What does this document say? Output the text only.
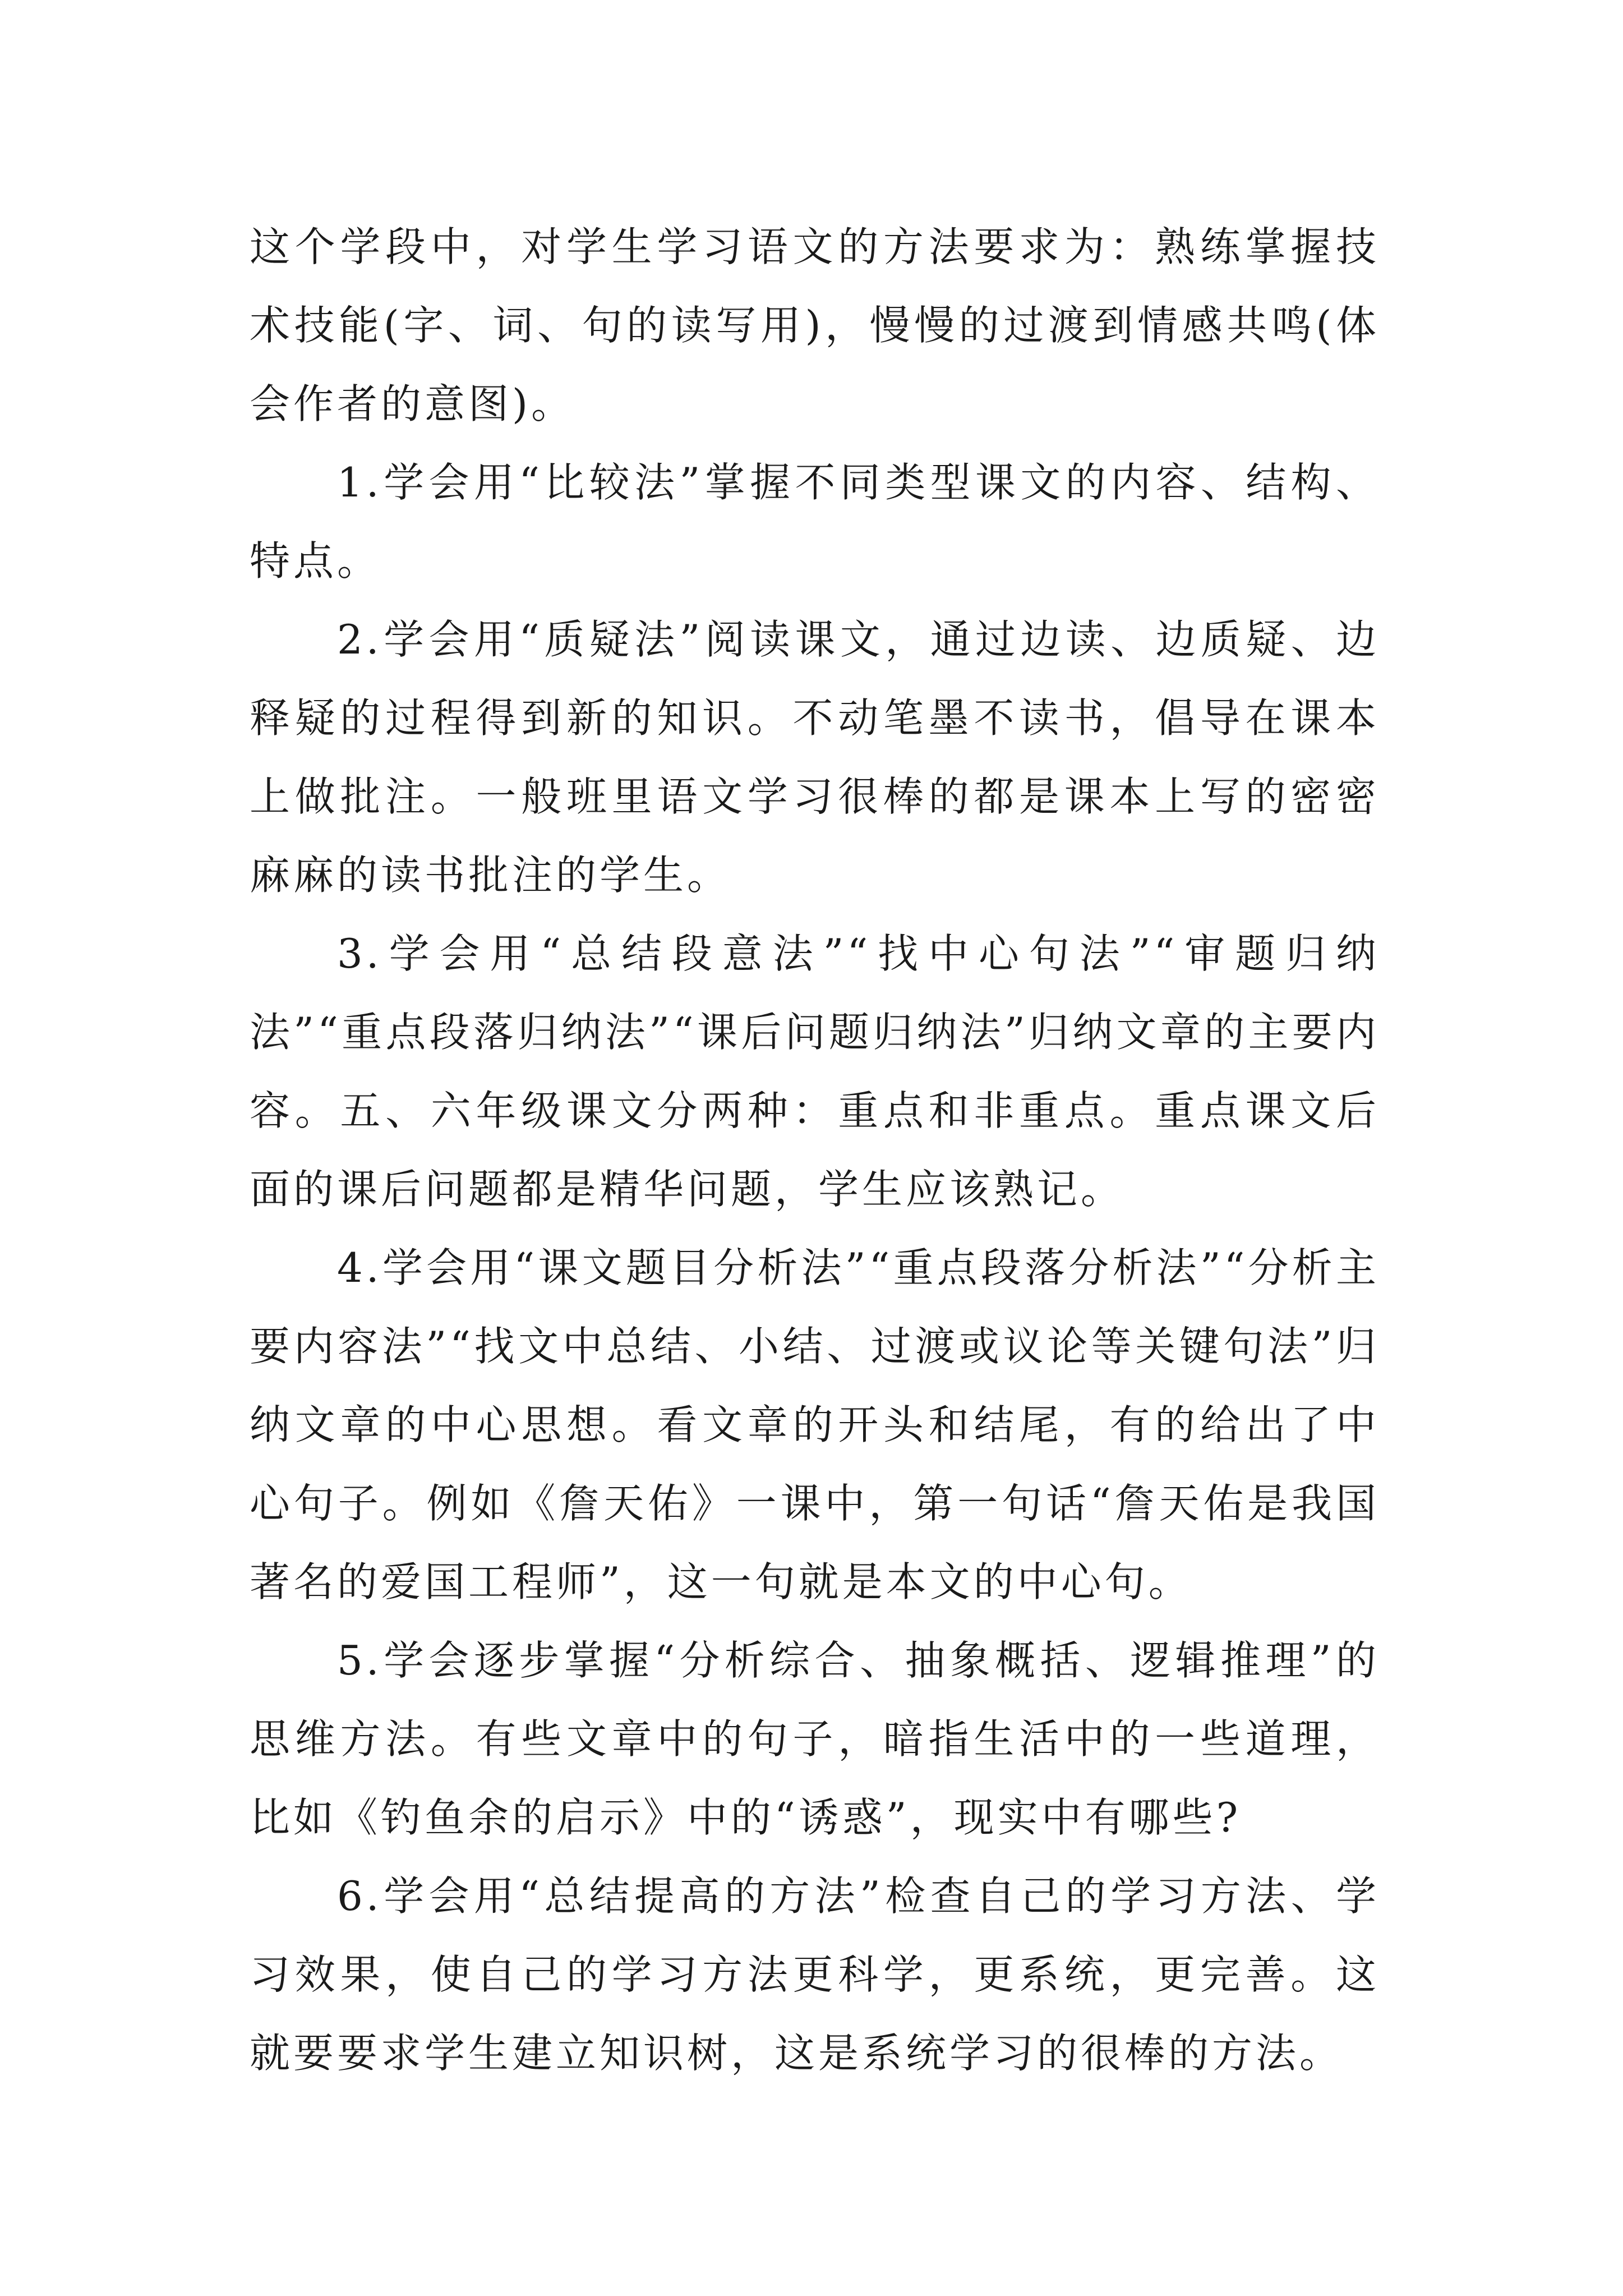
这个学段中，对学生学习语文的方法要求为：熟练掌握技术技能(字、词、句的读写用)，慢慢的过渡到情感共鸣(体会作者的意图)。

1.学会用“比较法”掌握不同类型课文的内容、结构、特点。

2.学会用“质疑法”阅读课文，通过边读、边质疑、边释疑的过程得到新的知识。不动笔墨不读书，倡导在课本上做批注。一般班里语文学习很棒的都是课本上写的密密麻麻的读书批注的学生。

3.学会用“总结段意法”“找中心句法”“审题归纳法”“重点段落归纳法”“课后问题归纳法”归纳文章的主要内容。五、六年级课文分两种：重点和非重点。重点课文后面的课后问题都是精华问题，学生应该熟记。

4.学会用“课文题目分析法”“重点段落分析法”“分析主要内容法”“找文中总结、小结、过渡或议论等关键句法”归纳文章的中心思想。看文章的开头和结尾，有的给出了中心句子。例如《詹天佑》一课中，第一句话“詹天佑是我国著名的爱国工程师”，这一句就是本文的中心句。

5.学会逐步掌握“分析综合、抽象概括、逻辑推理”的思维方法。有些文章中的句子，暗指生活中的一些道理，比如《钓鱼余的启示》中的“诱惑”，现实中有哪些?

6.学会用“总结提高的方法”检查自己的学习方法、学习效果，使自己的学习方法更科学，更系统，更完善。这就要要求学生建立知识树，这是系统学习的很棒的方法。
